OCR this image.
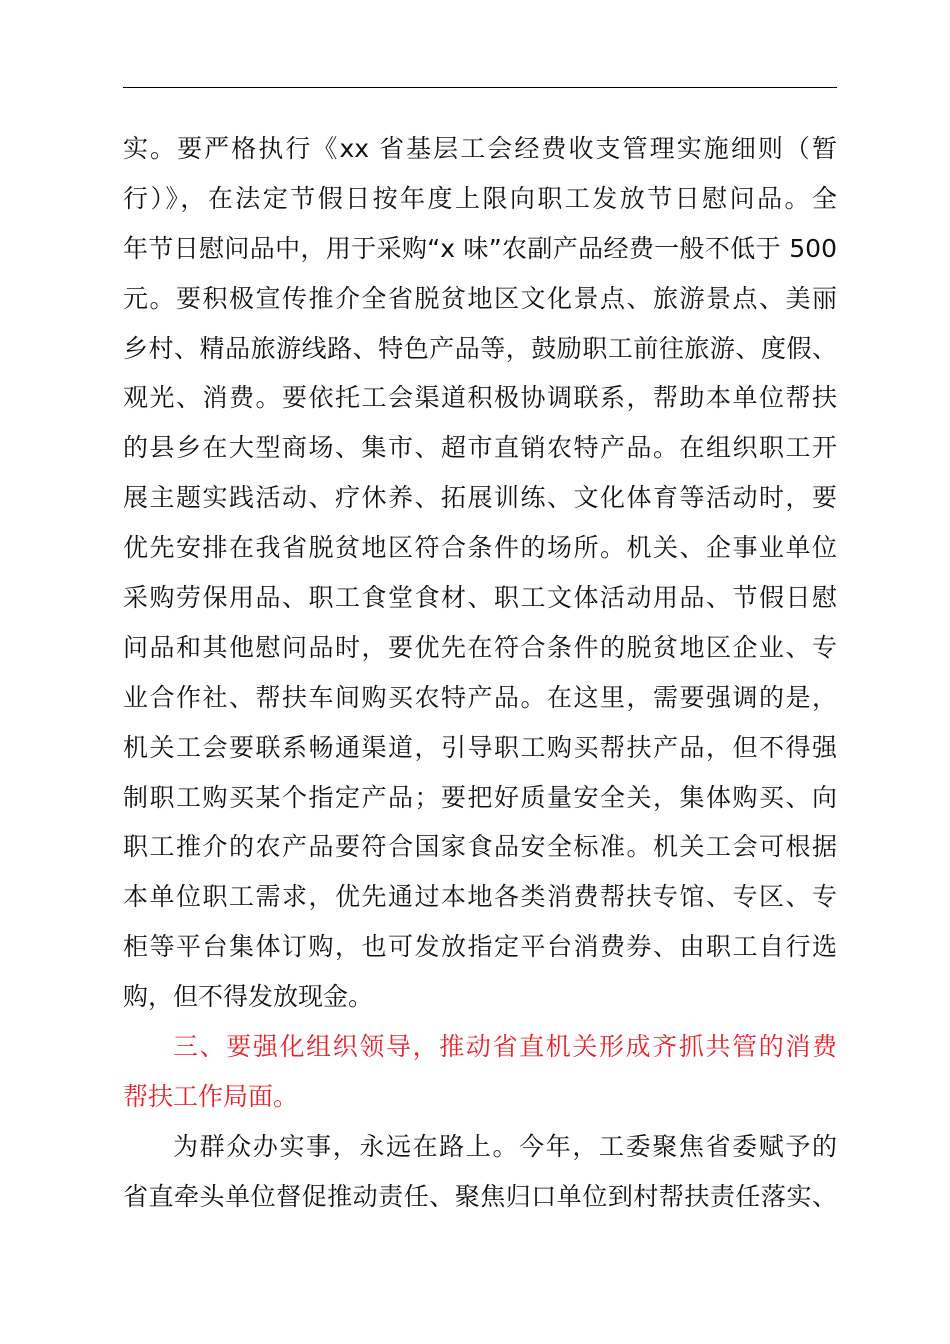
实。要严格执行《xx 省基层工会经费收支管理实施细则（暂
行）》，在法定节假日按年度上限向职工发放节日慰问品。全
年节日慰问品中，用于采购“x 味”农副产品经费一般不低于 500
元。要积极宣传推介全省脱贫地区文化景点、旅游景点、美丽
乡村、精品旅游线路、特色产品等，鼓励职工前往旅游、度假、
观光、消费。要依托工会渠道积极协调联系，帮助本单位帮扶
的县乡在大型商场、集市、超市直销农特产品。在组织职工开
展主题实践活动、疗休养、拓展训练、文化体育等活动时，要
优先安排在我省脱贫地区符合条件的场所。机关、企事业单位
采购劳保用品、职工食堂食材、职工文体活动用品、节假日慰
问品和其他慰问品时，要优先在符合条件的脱贫地区企业、专
业合作社、帮扶车间购买农特产品。在这里，需要强调的是，
机关工会要联系畅通渠道，引导职工购买帮扶产品，但不得强
制职工购买某个指定产品；要把好质量安全关，集体购买、向
职工推介的农产品要符合国家食品安全标准。机关工会可根据
本单位职工需求，优先通过本地各类消费帮扶专馆、专区、专
柜等平台集体订购，也可发放指定平台消费券、由职工自行选
购，但不得发放现金。
三、要强化组织领导，推动省直机关形成齐抓共管的消费
帮扶工作局面。
为群众办实事，永远在路上。今年，工委聚焦省委赋予的
省直牵头单位督促推动责任、聚焦归口单位到村帮扶责任落实、
